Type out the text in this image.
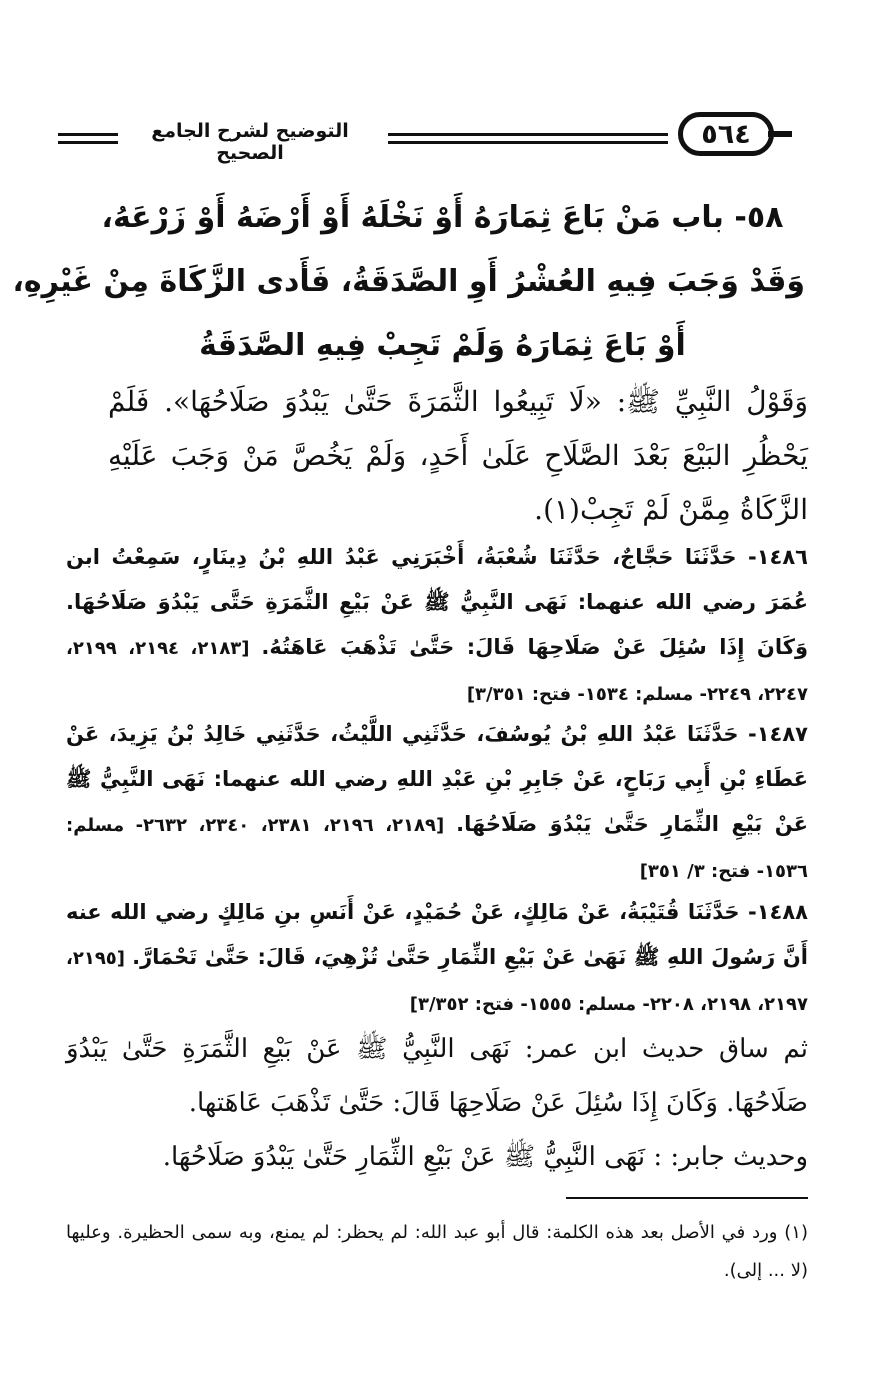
التوضيح لشرح الجامع الصحيح
٥٦٤
٥٨- باب مَنْ بَاعَ ثِمَارَهُ أَوْ نَخْلَهُ أَوْ أَرْضَهُ أَوْ زَرْعَهُ،
وَقَدْ وَجَبَ فِيهِ العُشْرُ أَوِ الصَّدَقَةُ، فَأَدى الزَّكَاةَ مِنْ غَيْرِهِ،
أَوْ بَاعَ ثِمَارَهُ وَلَمْ تَجِبْ فِيهِ الصَّدَقَةُ

وَقَوْلُ النَّبِيِّ ﷺ: «لَا تَبِيعُوا الثَّمَرَةَ حَتَّىٰ يَبْدُوَ صَلَاحُهَا». فَلَمْ يَحْظُرِ البَيْعَ بَعْدَ الصَّلَاحِ عَلَىٰ أَحَدٍ، وَلَمْ يَخُصَّ مَنْ وَجَبَ عَلَيْهِ الزَّكَاةُ مِمَّنْ لَمْ تَجِبْ(١).

١٤٨٦- حَدَّثَنَا حَجَّاجٌ، حَدَّثَنَا شُعْبَةُ، أَخْبَرَنِي عَبْدُ اللهِ بْنُ دِينَارٍ، سَمِعْتُ ابن عُمَرَ رضي الله عنهما: نَهَى النَّبِيُّ ﷺ عَنْ بَيْعِ الثَّمَرَةِ حَتَّى يَبْدُوَ صَلَاحُهَا. وَكَانَ إِذَا سُئِلَ عَنْ صَلَاحِهَا قَالَ: حَتَّىٰ تَذْهَبَ عَاهَتُهُ. [٢١٨٣، ٢١٩٤، ٢١٩٩، ٢٢٤٧، ٢٢٤٩- مسلم: ١٥٣٤- فتح: ٣/٣٥١]

١٤٨٧- حَدَّثَنَا عَبْدُ اللهِ بْنُ يُوسُفَ، حَدَّثَنِي اللَّيْثُ، حَدَّثَنِي خَالِدُ بْنُ يَزِيدَ، عَنْ عَطَاءِ بْنِ أَبِي رَبَاحٍ، عَنْ جَابِرِ بْنِ عَبْدِ اللهِ رضي الله عنهما: نَهَى النَّبِيُّ ﷺ عَنْ بَيْعِ الثِّمَارِ حَتَّىٰ يَبْدُوَ صَلَاحُهَا. [٢١٨٩، ٢١٩٦، ٢٣٨١، ٢٣٤٠، ٢٦٣٢- مسلم: ١٥٣٦- فتح: ٣/ ٣٥١]

١٤٨٨- حَدَّثَنَا قُتَيْبَةُ، عَنْ مَالِكٍ، عَنْ حُمَيْدٍ، عَنْ أَنَسِ بنِ مَالِكٍ رضي الله عنه أَنَّ رَسُولَ اللهِ ﷺ نَهَىٰ عَنْ بَيْعِ الثِّمَارِ حَتَّىٰ تُزْهِيَ، قَالَ: حَتَّىٰ تَحْمَارَّ. [٢١٩٥، ٢١٩٧، ٢١٩٨، ٢٢٠٨- مسلم: ١٥٥٥- فتح: ٣/٣٥٢]

ثم ساق حديث ابن عمر: نَهَى النَّبِيُّ ﷺ عَنْ بَيْعِ الثَّمَرَةِ حَتَّىٰ يَبْدُوَ صَلَاحُهَا. وَكَانَ إِذَا سُئِلَ عَنْ صَلَاحِهَا قَالَ: حَتَّىٰ تَذْهَبَ عَاهَتها.

وحديث جابر: : نَهَى النَّبِيُّ ﷺ عَنْ بَيْعِ الثِّمَارِ حَتَّىٰ يَبْدُوَ صَلَاحُهَا.

(١) ورد في الأصل بعد هذه الكلمة: قال أبو عبد الله: لم يحظر: لم يمنع، وبه سمى الحظيرة. وعليها (لا ... إلى).
